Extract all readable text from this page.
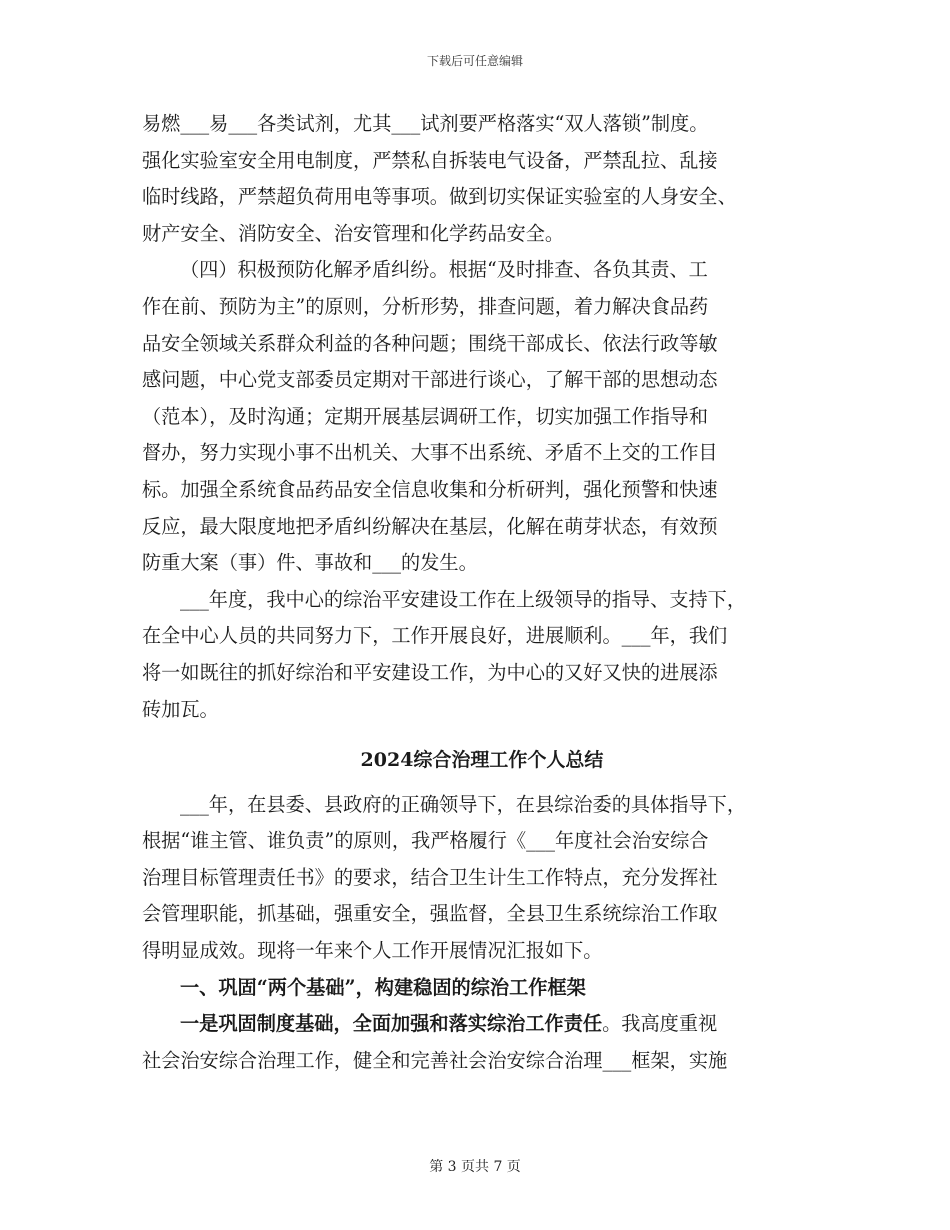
下载后可任意编辑

易燃___易___各类试剂，尤其___试剂要严格落实“双人落锁”制度。

强化实验室安全用电制度，严禁私自拆装电气设备，严禁乱拉、乱接

临时线路，严禁超负荷用电等事项。做到切实保证实验室的人身安全、

财产安全、消防安全、治安管理和化学药品安全。

（四）积极预防化解矛盾纠纷。根据“及时排查、各负其责、工

作在前、预防为主”的原则，分析形势，排查问题，着力解决食品药

品安全领域关系群众利益的各种问题；围绕干部成长、依法行政等敏

感问题，中心党支部委员定期对干部进行谈心，了解干部的思想动态

（范本），及时沟通；定期开展基层调研工作，切实加强工作指导和

督办，努力实现小事不出机关、大事不出系统、矛盾不上交的工作目

标。加强全系统食品药品安全信息收集和分析研判，强化预警和快速

反应，最大限度地把矛盾纠纷解决在基层，化解在萌芽状态，有效预

防重大案（事）件、事故和___的发生。

___年度，我中心的综治平安建设工作在上级领导的指导、支持下，

在全中心人员的共同努力下，工作开展良好，进展顺利。___年，我们

将一如既往的抓好综治和平安建设工作，为中心的又好又快的进展添

砖加瓦。

2024综合治理工作个人总结

___年，在县委、县政府的正确领导下，在县综治委的具体指导下，

根据“谁主管、谁负责”的原则，我严格履行《___年度社会治安综合

治理目标管理责任书》的要求，结合卫生计生工作特点，充分发挥社

会管理职能，抓基础，强重安全，强监督，全县卫生系统综治工作取

得明显成效。现将一年来个人工作开展情况汇报如下。

一、巩固“两个基础”，构建稳固的综治工作框架

一是巩固制度基础，全面加强和落实综治工作责任。我高度重视

社会治安综合治理工作，健全和完善社会治安综合治理___框架，实施

第 3 页共 7 页
